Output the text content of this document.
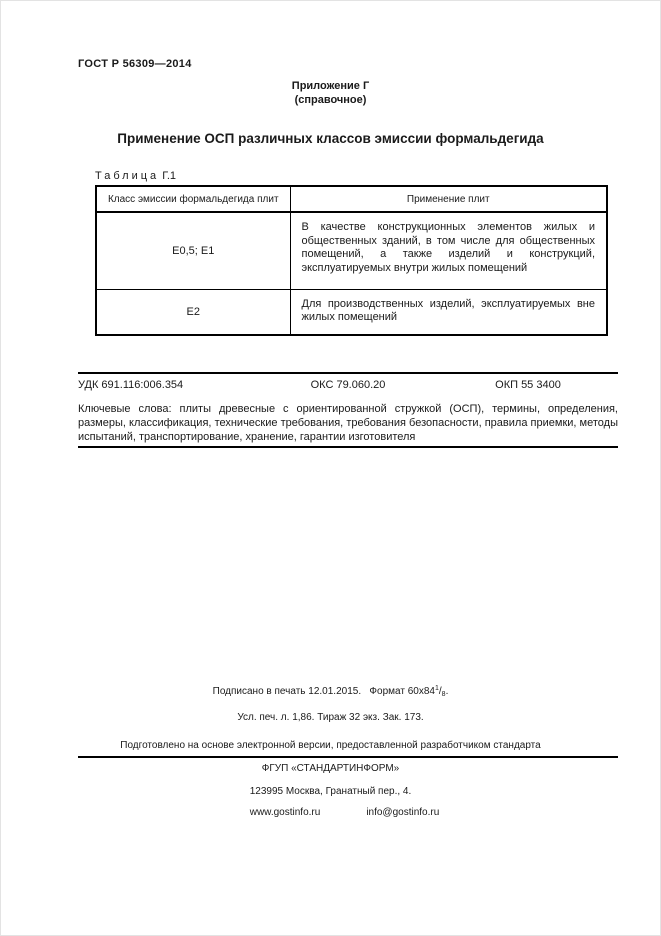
ГОСТ Р 56309—2014
Приложение Г
(справочное)
Применение ОСП различных классов эмиссии формальдегида
Таблица Г.1
Класс эмиссии формальдегида плит	Применение плит
Е0,5; Е1	В качестве конструкционных элементов жилых и общественных зданий, в том числе для общественных помещений, а также изделий и конструкций, эксплуатируемых внутри жилых помещений
Е2	Для производственных изделий, эксплуатируемых вне жилых помещений
УДК 691.116:006.354	ОКС 79.060.20	ОКП 55 3400
Ключевые слова: плиты древесные с ориентированной стружкой (ОСП), термины, определения, размеры, классификация, технические требования, требования безопасности, правила приемки, методы испытаний, транспортирование, хранение, гарантии изготовителя
Подписано в печать 12.01.2015.   Формат $60х84^1/_8$.
Усл. печ. л. 1,86. Тираж 32 экз. Зак. 173.
Подготовлено на основе электронной версии, предоставленной разработчиком стандарта
ФГУП «СТАНДАРТИНФОРМ»
123995 Москва, Гранатный пер., 4.
www.gostinfo.ru	info@gostinfo.ru
